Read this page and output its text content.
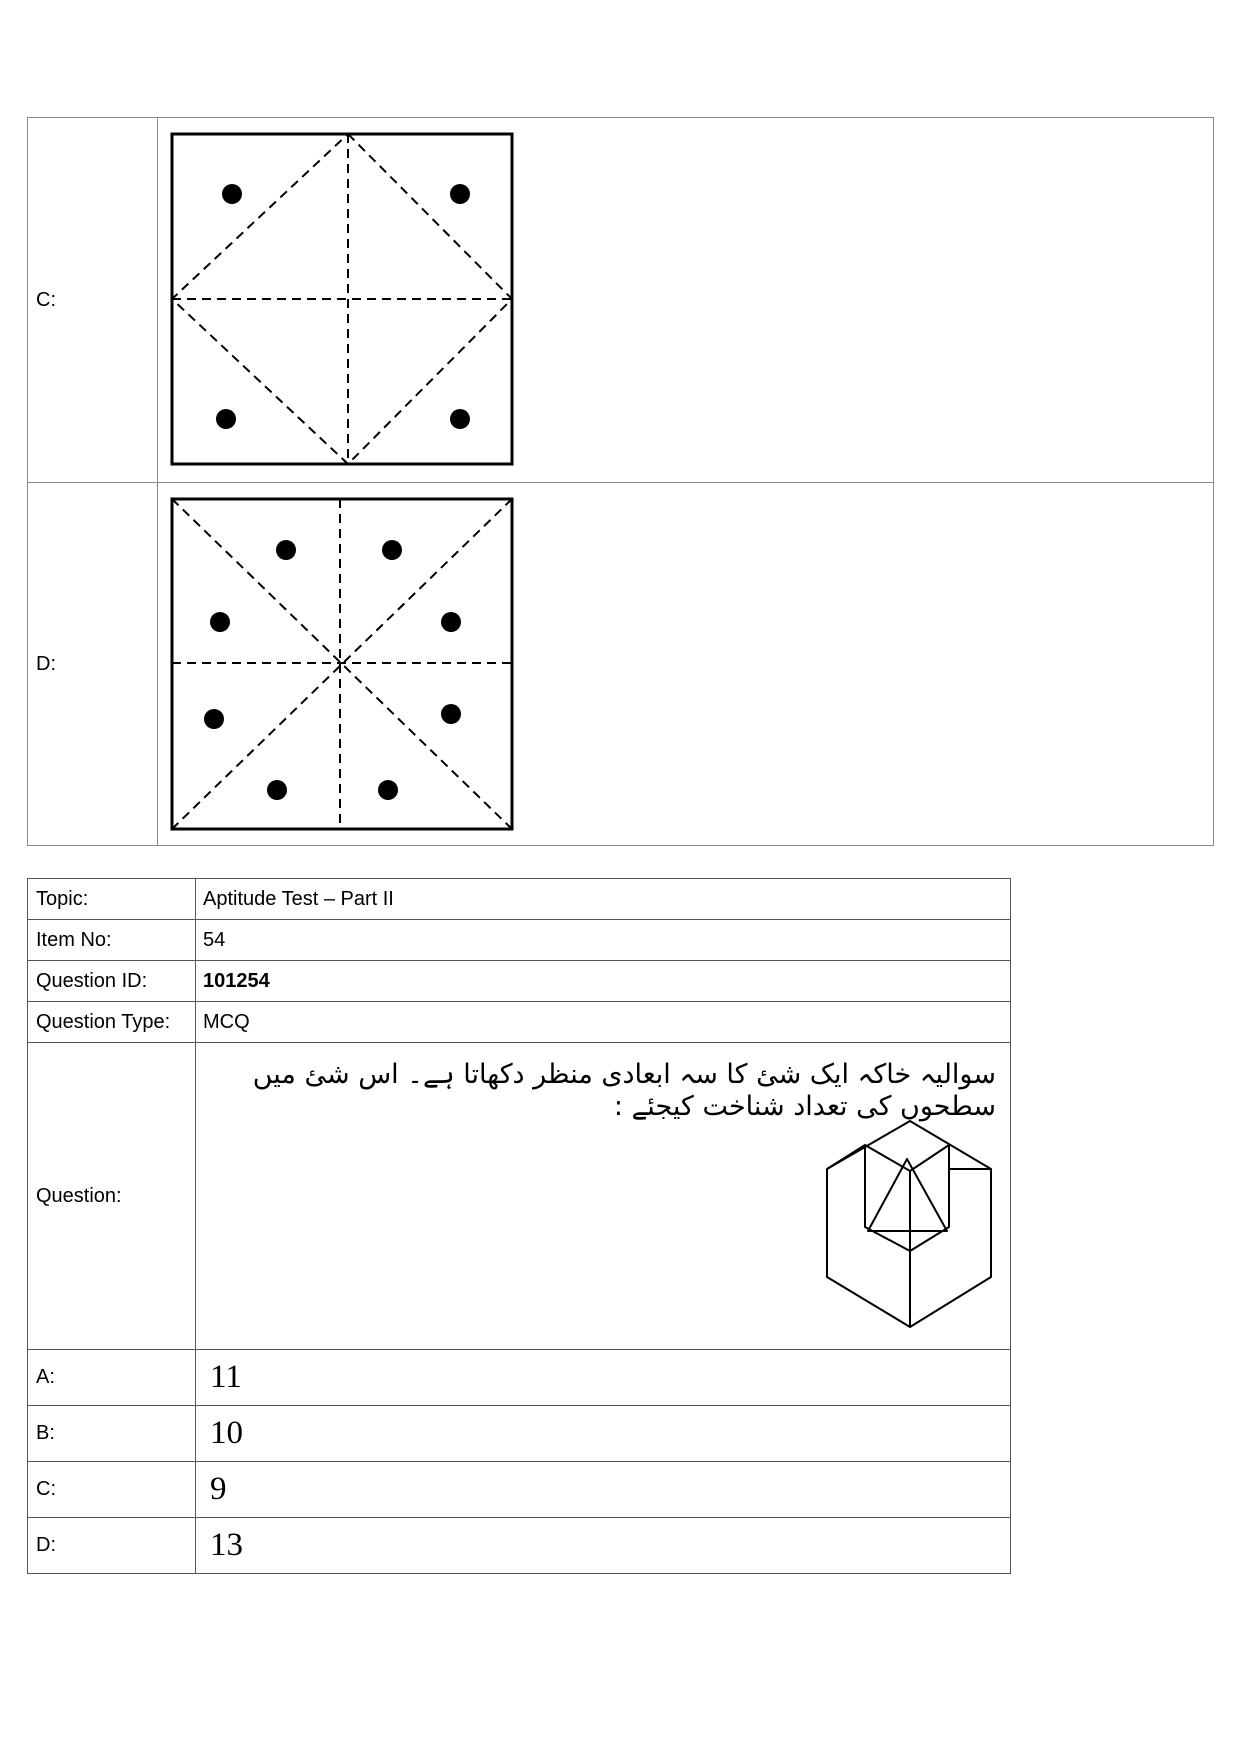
C:	

D:	
Topic:	Aptitude Test – Part II
Item No:	54
Question ID:	101254
Question Type:	MCQ
Question:	سوالیہ خاکہ ایک شئ کا سہ ابعادی منظر دکھاتا ہے۔ اس شئ میں سطحوں کی تعداد شناخت کیجئے :

A:	11
B:	10
C:	9
D:	13
